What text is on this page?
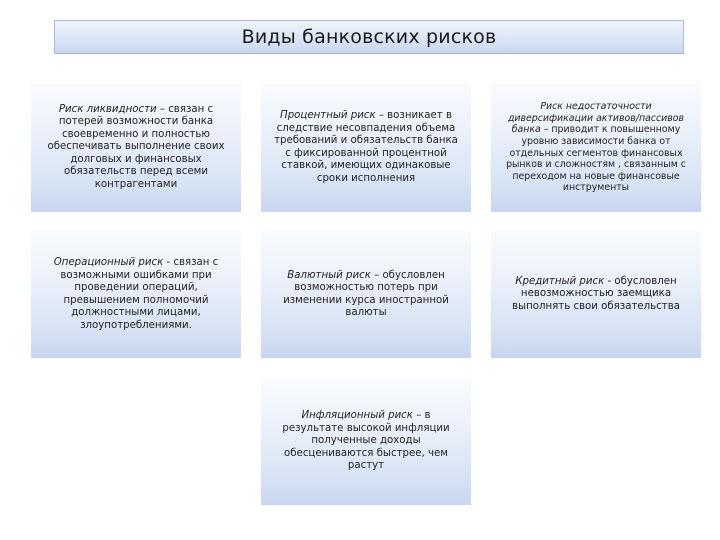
Виды банковских рисков
Риск ликвидности – связан с потерей возможности банка своевременно и полностью обеспечивать выполнение своих долговых и финансовых обязательств перед всеми контрагентами
Процентный риск – возникает в следствие несовпадения объема требований и обязательств банка с фиксированной процентной ставкой, имеющих одинаковые сроки исполнения
Риск недостаточности диверсификации активов/пассивов банка – приводит к повышенному уровню зависимости банка от отдельных сегментов финансовых рынков и сложностям , связанным с переходом на новые финансовые инструменты
Операционный риск - связан с возможными ошибками при проведении операций, превышением полномочий должностными лицами, злоупотреблениями.
Валютный риск – обусловлен возможностью потерь при изменении курса иностранной валюты
Кредитный риск - обусловлен невозможностью заемщика выполнять свои обязательства
Инфляционный риск – в результате высокой инфляции полученные доходы обесцениваются быстрее, чем растут
